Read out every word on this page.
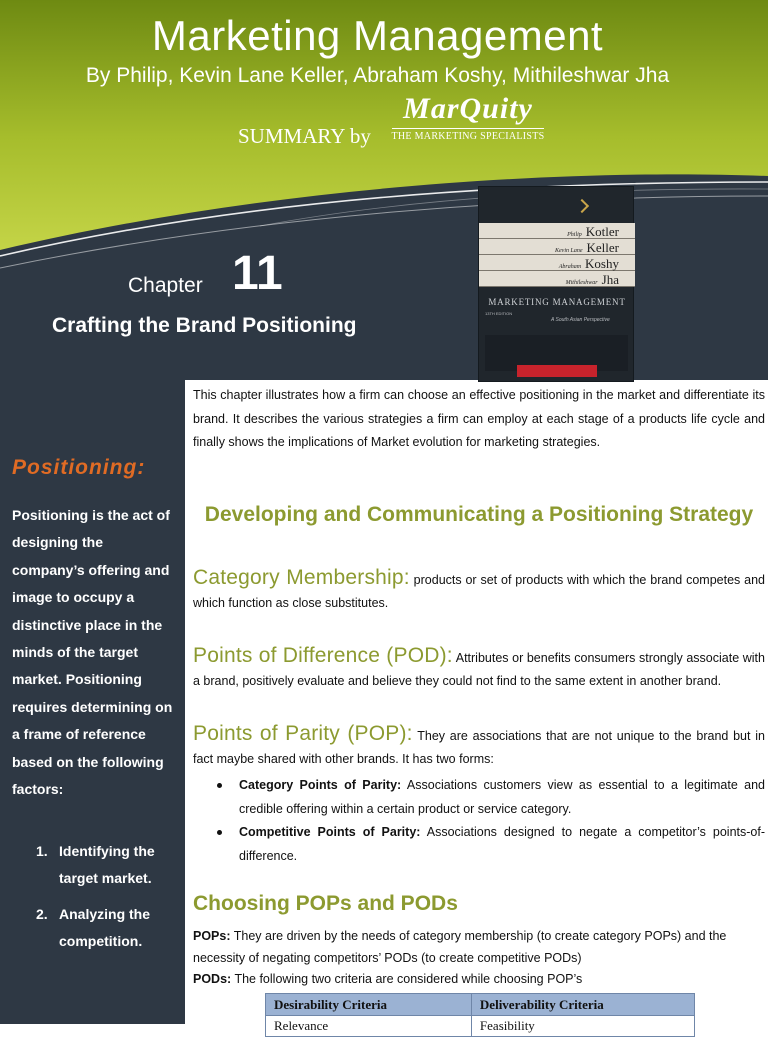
Marketing Management
By Philip, Kevin Lane Keller, Abraham Koshy, Mithileshwar Jha
SUMMARY by
MarQuity
THE MARKETING SPECIALISTS
Chapter 11
Crafting the Brand Positioning
Philip Kotler
Kevin Lane Keller
Abraham Koshy
Mithileshwar Jha
MARKETING MANAGEMENT
13TH EDITION
A South Asian Perspective
Positioning:
Positioning is the act of designing the company’s offering and image to occupy a distinctive place in the minds of the target market. Positioning requires determining on a frame of reference based on the following factors:
1. Identifying the target market.
2. Analyzing the competition.

This chapter illustrates how a firm can choose an effective positioning in the market and differentiate its brand. It describes the various strategies a firm can employ at each stage of a products life cycle and finally shows the implications of Market evolution for marketing strategies.

Developing and Communicating a Positioning Strategy

Category Membership: products or set of products with which the brand competes and which function as close substitutes.

Points of Difference (POD): Attributes or benefits consumers strongly associate with a brand, positively evaluate and believe they could not find to the same extent in another brand.

Points of Parity (POP): They are associations that are not unique to the brand but in fact maybe shared with other brands. It has two forms:

Category Points of Parity: Associations customers view as essential to a legitimate and credible offering within a certain product or service category.
Competitive Points of Parity: Associations designed to negate a competitor’s points-of-difference.
Choosing POPs and PODs
POPs: They are driven by the needs of category membership (to create category POPs) and the necessity of negating competitors’ PODs (to create competitive PODs)
PODs: The following two criteria are considered while choosing POP’s
Desirability Criteria	Deliverability Criteria
Relevance	Feasibility
